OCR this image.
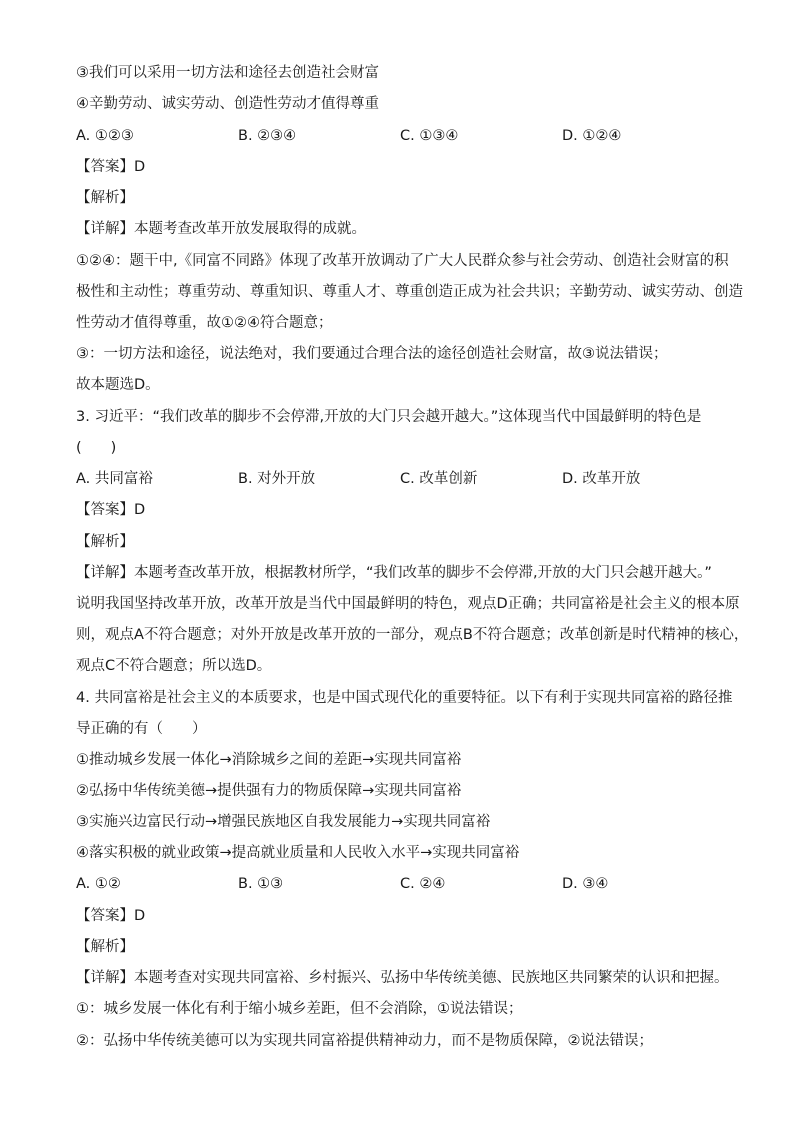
③我们可以采用一切方法和途径去创造社会财富
④辛勤劳动、诚实劳动、创造性劳动才值得尊重
A. ①②③	B. ②③④	C. ①③④	D. ①②④
【答案】D
【解析】
【详解】本题考查改革开放发展取得的成就。
①②④：题干中,《同富不同路》体现了改革开放调动了广大人民群众参与社会劳动、创造社会财富的积
极性和主动性；尊重劳动、尊重知识、尊重人才、尊重创造正成为社会共识；辛勤劳动、诚实劳动、创造
性劳动才值得尊重，故①②④符合题意；
③：一切方法和途径，说法绝对，我们要通过合理合法的途径创造社会财富，故③说法错误；
故本题选D。
3. 习近平：“我们改革的脚步不会停滞,开放的大门只会越开越大。”这体现当代中国最鲜明的特色是
(　　)
A. 共同富裕	B. 对外开放	C. 改革创新	D. 改革开放
【答案】D
【解析】
【详解】本题考查改革开放，根据教材所学，“我们改革的脚步不会停滞,开放的大门只会越开越大。”
说明我国坚持改革开放，改革开放是当代中国最鲜明的特色，观点D正确；共同富裕是社会主义的根本原
则，观点A不符合题意；对外开放是改革开放的一部分，观点B不符合题意；改革创新是时代精神的核心，
观点C不符合题意；所以选D。
4. 共同富裕是社会主义的本质要求，也是中国式现代化的重要特征。以下有利于实现共同富裕的路径推
导正确的有（　　）
①推动城乡发展一体化→消除城乡之间的差距→实现共同富裕
②弘扬中华传统美德→提供强有力的物质保障→实现共同富裕
③实施兴边富民行动→增强民族地区自我发展能力→实现共同富裕
④落实积极的就业政策→提高就业质量和人民收入水平→实现共同富裕
A. ①②	B. ①③	C. ②④	D. ③④
【答案】D
【解析】
【详解】本题考查对实现共同富裕、乡村振兴、弘扬中华传统美德、民族地区共同繁荣的认识和把握。
①：城乡发展一体化有利于缩小城乡差距，但不会消除，①说法错误；
②：弘扬中华传统美德可以为实现共同富裕提供精神动力，而不是物质保障，②说法错误；
